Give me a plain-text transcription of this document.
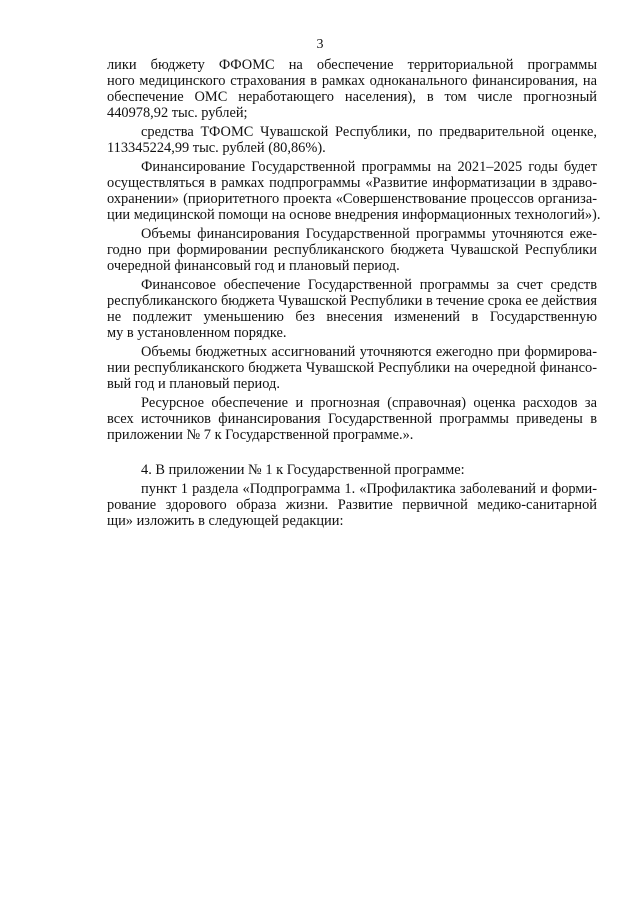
3
лики бюджету ФФОМС на обеспечение территориальной программы
ного медицинского страхования в рамках одноканального финансирования, на
обеспечение ОМС неработающего населения), в том числе прогнозный
440978,92 тыс. рублей;
средства ТФОМС Чувашской Республики, по предварительной оценке,
113345224,99 тыс. рублей (80,86%).
Финансирование Государственной программы на 2021–2025 годы будет
осуществляться в рамках подпрограммы «Развитие информатизации в здраво-
охранении» (приоритетного проекта «Совершенствование процессов организа-
ции медицинской помощи на основе внедрения информационных технологий»).
Объемы финансирования Государственной программы уточняются еже-
годно при формировании республиканского бюджета Чувашской Республики
очередной финансовый год и плановый период.
Финансовое обеспечение Государственной программы за счет средств
республиканского бюджета Чувашской Республики в течение срока ее действия
не подлежит уменьшению без внесения изменений в Государственную
му в установленном порядке.
Объемы бюджетных ассигнований уточняются ежегодно при формирова-
нии республиканского бюджета Чувашской Республики на очередной финансо-
вый год и плановый период.
Ресурсное обеспечение и прогнозная (справочная) оценка расходов за
всех источников финансирования Государственной программы приведены в
приложении № 7 к Государственной программе.».
4. В приложении № 1 к Государственной программе:
пункт 1 раздела «Подпрограмма 1. «Профилактика заболеваний и форми-
рование здорового образа жизни. Развитие первичной медико-санитарной
щи» изложить в следующей редакции:
